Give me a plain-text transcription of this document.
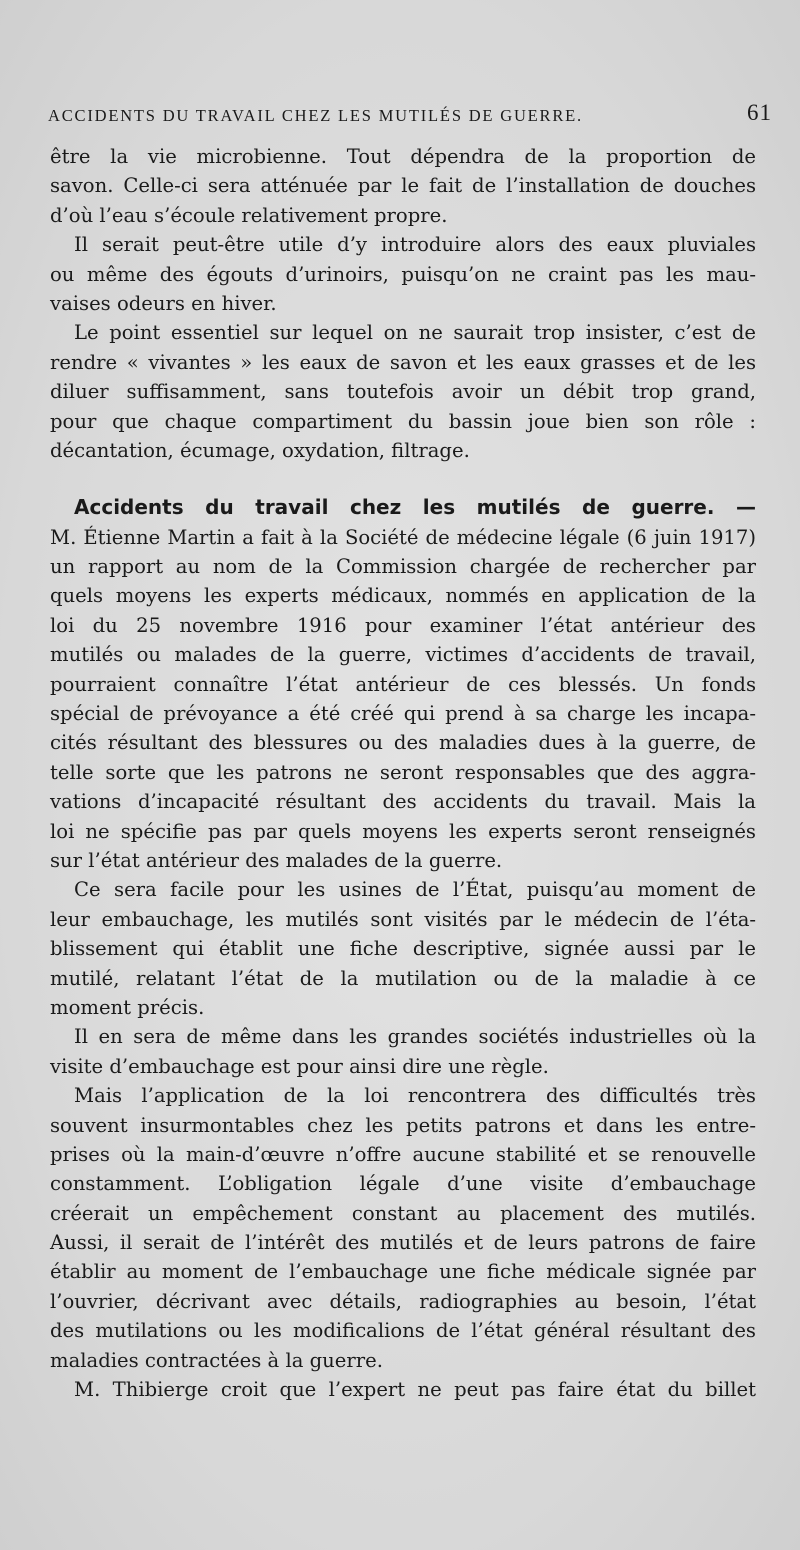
ACCIDENTS DU TRAVAIL CHEZ LES MUTILÉS DE GUERRE.	61
être la vie microbienne. Tout dépendra de la proportion de
savon. Celle-ci sera atténuée par le fait de l’installation de douches
d’où l’eau s’écoule relativement propre.
Il serait peut-être utile d’y introduire alors des eaux pluviales
ou même des égouts d’urinoirs, puisqu’on ne craint pas les mau-
vaises odeurs en hiver.
Le point essentiel sur lequel on ne saurait trop insister, c’est de
rendre « vivantes » les eaux de savon et les eaux grasses et de les
diluer suffisamment, sans toutefois avoir un débit trop grand,
pour que chaque compartiment du bassin joue bien son rôle :
décantation, écumage, oxydation, filtrage.
Accidents du travail chez les mutilés de guerre. —
M. Étienne Martin a fait à la Société de médecine légale (6 juin 1917)
un rapport au nom de la Commission chargée de rechercher par
quels moyens les experts médicaux, nommés en application de la
loi du 25 novembre 1916 pour examiner l’état antérieur des
mutilés ou malades de la guerre, victimes d’accidents de travail,
pourraient connaître l’état antérieur de ces blessés. Un fonds
spécial de prévoyance a été créé qui prend à sa charge les incapa-
cités résultant des blessures ou des maladies dues à la guerre, de
telle sorte que les patrons ne seront responsables que des aggra-
vations d’incapacité résultant des accidents du travail. Mais la
loi ne spécifie pas par quels moyens les experts seront renseignés
sur l’état antérieur des malades de la guerre.
Ce sera facile pour les usines de l’État, puisqu’au moment de
leur embauchage, les mutilés sont visités par le médecin de l’éta-
blissement qui établit une fiche descriptive, signée aussi par le
mutilé, relatant l’état de la mutilation ou de la maladie à ce
moment précis.
Il en sera de même dans les grandes sociétés industrielles où la
visite d’embauchage est pour ainsi dire une règle.
Mais l’application de la loi rencontrera des difficultés très
souvent insurmontables chez les petits patrons et dans les entre-
prises où la main-d’œuvre n’offre aucune stabilité et se renouvelle
constamment. L’obligation légale d’une visite d’embauchage
créerait un empêchement constant au placement des mutilés.
Aussi, il serait de l’intérêt des mutilés et de leurs patrons de faire
établir au moment de l’embauchage une fiche médicale signée par
l’ouvrier, décrivant avec détails, radiographies au besoin, l’état
des mutilations ou les modificalions de l’état général résultant des
maladies contractées à la guerre.
M. Thibierge croit que l’expert ne peut pas faire état du billet
